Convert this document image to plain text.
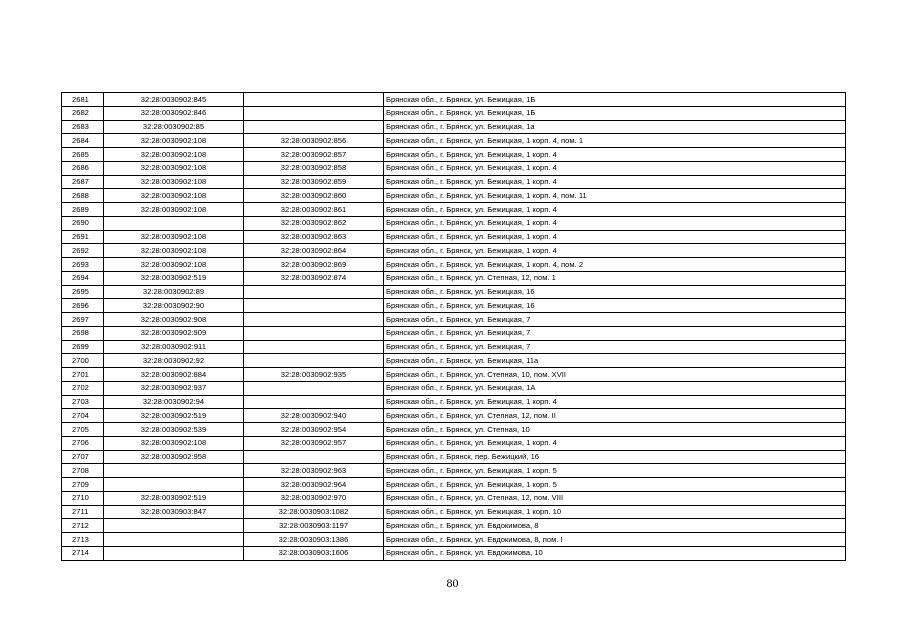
2681	32:28:0030902:845		Брянская обл., г. Брянск, ул. Бежицкая, 1Б
2682	32:28:0030902:846		Брянская обл., г. Брянск, ул. Бежицкая, 1Б
2683	32:28:0030902:85		Брянская обл., г. Брянск, ул. Бежицкая, 1а
2684	32:28:0030902:108	32:28:0030902:856	Брянская обл., г. Брянск, ул. Бежицкая, 1 корп. 4, пом. 1
2685	32:28:0030902:108	32:28:0030902:857	Брянская обл., г. Брянск, ул. Бежицкая, 1 корп. 4
2686	32:28:0030902:108	32:28:0030902:858	Брянская обл., г. Брянск, ул. Бежицкая, 1 корп. 4
2687	32:28:0030902:108	32:28:0030902:859	Брянская обл., г. Брянск, ул. Бежицкая, 1 корп. 4
2688	32:28:0030902:108	32:28:0030902:860	Брянская обл., г. Брянск, ул. Бежицкая, 1 корп. 4, пом. 11
2689	32:28:0030902:108	32:28:0030902:861	Брянская обл., г. Брянск, ул. Бежицкая, 1 корп. 4
2690		32:28:0030902:862	Брянская обл., г. Брянск, ул. Бежицкая, 1 корп. 4
2691	32:28:0030902:108	32:28:0030902:863	Брянская обл., г. Брянск, ул. Бежицкая, 1 корп. 4
2692	32:28:0030902:108	32:28:0030902:864	Брянская обл., г. Брянск, ул. Бежицкая, 1 корп. 4
2693	32:28:0030902:108	32:28:0030902:869	Брянская обл., г. Брянск, ул. Бежицкая, 1 корп. 4, пом. 2
2694	32:28:0030902:519	32:28:0030902:874	Брянская обл., г. Брянск, ул. Степная, 12, пом. 1
2695	32:28:0030902:89		Брянская обл., г. Брянск, ул. Бежицкая, 16
2696	32:28:0030902:90		Брянская обл., г. Брянск, ул. Бежицкая, 16
2697	32:28:0030902:908		Брянская обл., г. Брянск, ул. Бежицкая, 7
2698	32:28:0030902:909		Брянская обл., г. Брянск, ул. Бежицкая, 7
2699	32:28:0030902:911		Брянская обл., г. Брянск, ул. Бежицкая, 7
2700	32:28:0030902:92		Брянская обл., г. Брянск, ул. Бежицкая, 11а
2701	32:28:0030902:884	32:28:0030902:935	Брянская обл., г. Брянск, ул. Степная, 10, пом. XVII
2702	32:28:0030902:937		Брянская обл., г. Брянск, ул. Бежицкая, 1А
2703	32:28:0030902:94		Брянская обл., г. Брянск, ул. Бежицкая, 1 корп. 4
2704	32:28:0030902:519	32:28:0030902:940	Брянская обл., г. Брянск, ул. Степная, 12, пом. II
2705	32:28:0030902:539	32:28:0030902:954	Брянская обл., г. Брянск, ул. Степная, 10
2706	32:28:0030902:108	32:28:0030902:957	Брянская обл., г. Брянск, ул. Бежицкая, 1 корп. 4
2707	32:28:0030902:958		Брянская обл., г. Брянск, пер. Бежицкий, 16
2708		32:28:0030902:963	Брянская обл., г. Брянск, ул. Бежицкая, 1 корп. 5
2709		32:28:0030902:964	Брянская обл., г. Брянск, ул. Бежицкая, 1 корп. 5
2710	32:28:0030902:519	32:28:0030902:970	Брянская обл., г. Брянск, ул. Степная, 12, пом. VIII
2711	32:28:0030903:847	32:28:0030903:1082	Брянская обл., г. Брянск, ул. Бежицкая, 1 корп. 10
2712		32:28:0030903:1197	Брянская обл., г. Брянск, ул. Евдокимова, 8
2713		32:28:0030903:1386	Брянская обл., г. Брянск, ул. Евдокимова, 8, пом. I
2714		32:28:0030903:1606	Брянская обл., г. Брянск, ул. Евдокимова, 10
80
